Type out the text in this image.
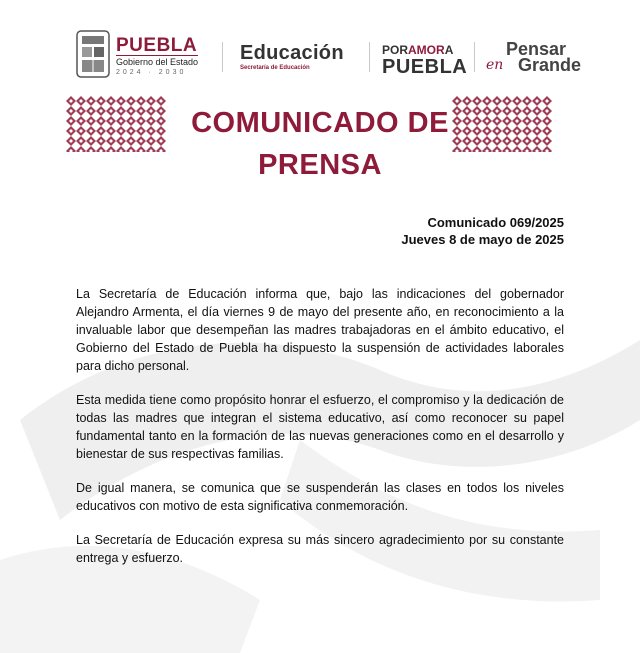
PUEBLA
Gobierno del Estado
2024 · 2030
Educación
Secretaría de Educación
PORAMORA
PUEBLA
Pensar
en Grande
COMUNICADO DE
PRENSA
Comunicado 069/2025
Jueves 8 de mayo de 2025

La Secretaría de Educación informa que, bajo las indicaciones del gobernador Alejandro Armenta, el día viernes 9 de mayo del presente año, en reconocimiento a la invaluable labor que desempeñan las madres trabajadoras en el ámbito educativo, el Gobierno del Estado de Puebla ha dispuesto la suspensión de actividades laborales para dicho personal.

Esta medida tiene como propósito honrar el esfuerzo, el compromiso y la dedicación de todas las madres que integran el sistema educativo, así como reconocer su papel fundamental tanto en la formación de las nuevas generaciones como en el desarrollo y bienestar de sus respectivas familias.

De igual manera, se comunica que se suspenderán las clases en todos los niveles educativos con motivo de esta significativa conmemoración.

La Secretaría de Educación expresa su más sincero agradecimiento por su constante entrega y esfuerzo.
